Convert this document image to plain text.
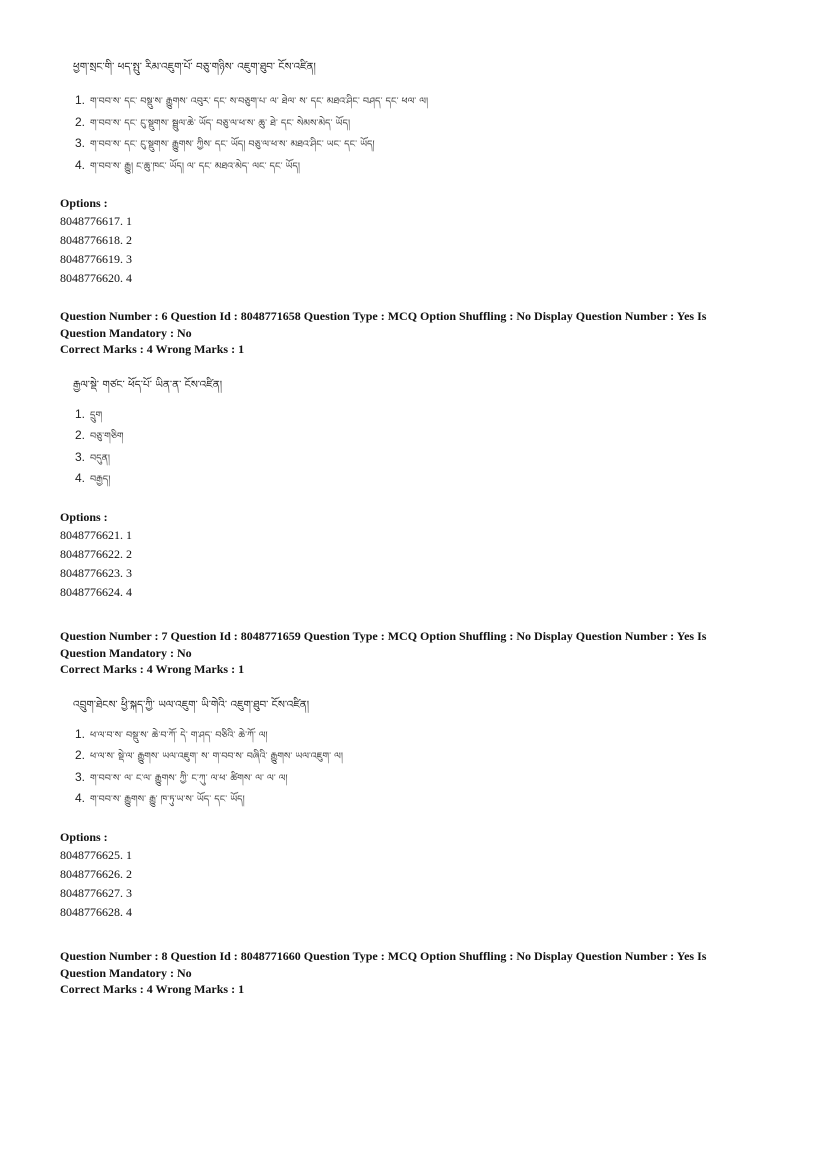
ཕྱག་སྲང་གི་ ཕད་སྤུ་ རིམ་འཇུག་པོ་ བཅུ་གཉིས་ འཇུག་ཐུབ་ ངོས་འཛིན།
1. ག་བབ་ས་ དང་ བསྡུ་ས་ རྒྱུགས་ འབུར་ དང་ ས་བཅུག་པ་ ལ་ ཐེལ་ ས་ དང་ མཐའ་ཤིང་ བཤད་ དང་ ཕལ་ ལ།
2. ག་བབ་ས་ དང་ ངུ་སྡུགས་ སྦྲུལ་ཆེ་ ཡོད་ བཅུ་ལ་ཕ་ས་ ཆུ་ ཐེ་ དང་ སེམས་མེད་ ཡོད།
3. ག་བབ་ས་ དང་ ངུ་སྡུགས་ རྒྱུགས་ ཀྱིས་ དང་ ཡོད། བཅུ་ལ་ཕ་ས་ མཐའ་ཤིང་ ཡང་ དང་ ཡོད།
4. ག་བབ་ས་ རྒྱུ། ང་ཆུ་ཁང་ ཡོད། ལ་ དང་ མཐའ་མེད་ ལང་ དང་ ཡོད།
Options :
8048776617. 1
8048776618. 2
8048776619. 3
8048776620. 4
Question Number : 6 Question Id : 8048771658 Question Type : MCQ Option Shuffling : No Display Question Number : Yes Is
Question Mandatory : No
Correct Marks : 4 Wrong Marks : 1
རྒྱལ་སྡེ་ གཙང་ ཕོད་པོ་ ཡིན་ན་ ངོས་འཛིན།
1. དྲུག
2. བཅུ་གཅིག
3. བདུན།
4. བརྒྱད།
Options :
8048776621. 1
8048776622. 2
8048776623. 3
8048776624. 4
Question Number : 7 Question Id : 8048771659 Question Type : MCQ Option Shuffling : No Display Question Number : Yes Is
Question Mandatory : No
Correct Marks : 4 Wrong Marks : 1
འབྲུག་ཐེངས་ ཕྱི་སྐད་ཀྱི་ ཡལ་འཇུག་ ཡི་གེའི་ འཇུག་ཐུབ་ ངོས་འཛིན།
1. ཕ་ལ་བ་ས་ བསྡུ་ས་ ཆེ་བ་ཀོ་ དེ་ ག་ཤད་ བཅིའི་ ཆེ་ཀོ་ ལ།
2. ཕ་ལ་ས་ སྡེ་ལ་ རྒྱུགས་ ཡལ་འཇུག་ ས་ ག་བབ་ས་ བཞིའི་ རྒྱུགས་ ཡལ་འཇུག་ ལ།
3. ག་བབ་ས་ ལ་ ང་ལ་ རྒྱུགས་ ཀྱི་ ང་ཀུ་ ལ་ཕ་ ཚིགས་ ལ་ ལ་ ལ།
4. ག་བབ་ས་ རྒྱུགས་ རྒྱུ་ ཁ་ཏུ་ཡ་ས་ ཡོད་ དང་ ཡོད།
Options :
8048776625. 1
8048776626. 2
8048776627. 3
8048776628. 4
Question Number : 8 Question Id : 8048771660 Question Type : MCQ Option Shuffling : No Display Question Number : Yes Is
Question Mandatory : No
Correct Marks : 4 Wrong Marks : 1
